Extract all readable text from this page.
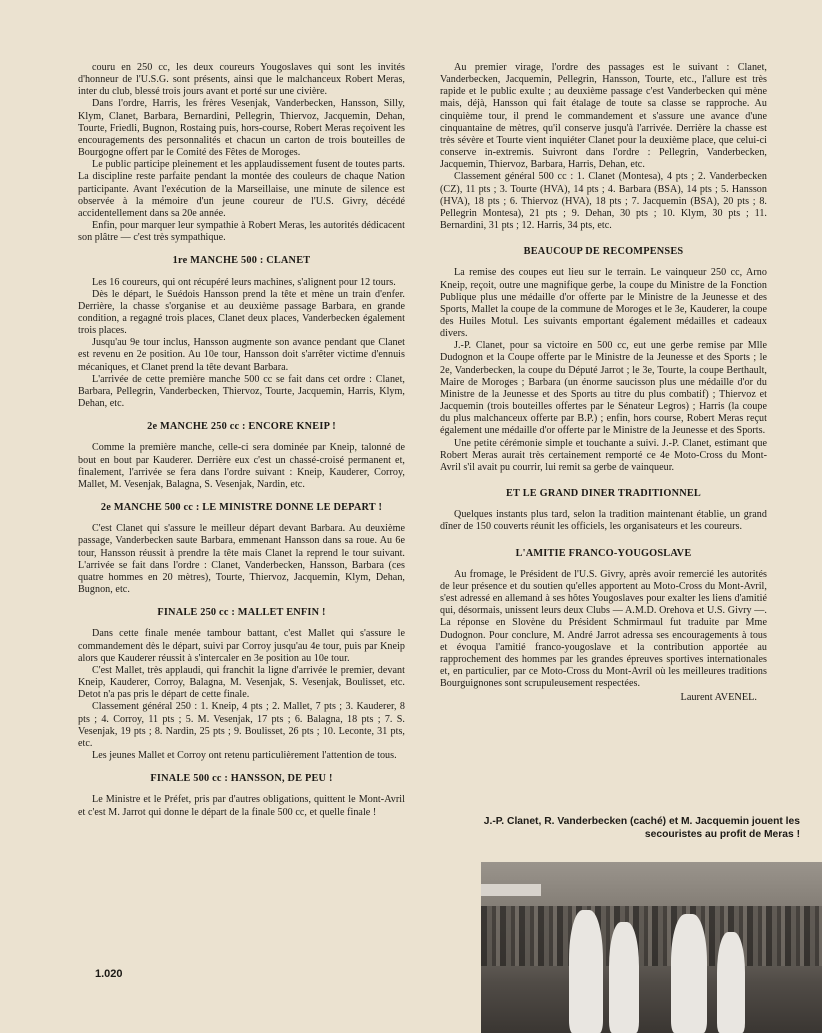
couru en 250 cc, les deux coureurs Yougoslaves qui sont les invités d'honneur de l'U.S.G. sont présents, ainsi que le malchanceux Robert Meras, inter du club, blessé trois jours avant et porté sur une civière.

Dans l'ordre, Harris, les frères Vesenjak, Vanderbecken, Hansson, Silly, Klym, Clanet, Barbara, Bernardini, Pellegrin, Thiervoz, Jacquemin, Dehan, Tourte, Friedli, Bugnon, Rostaing puis, hors-course, Robert Meras reçoivent les encouragements des personnalités et chacun un carton de trois bouteilles de Bourgogne offert par le Comité des Fêtes de Moroges.

Le public participe pleinement et les applaudissement fusent de toutes parts. La discipline reste parfaite pendant la montée des couleurs de chaque Nation participante. Avant l'exécution de la Marseillaise, une minute de silence est observée à la mémoire d'un jeune coureur de l'U.S. Givry, décédé accidentellement dans sa 20e année.

Enfin, pour marquer leur sympathie à Robert Meras, les autorités dédicacent son plâtre — c'est très sympathique.

1re MANCHE 500 : CLANET

Les 16 coureurs, qui ont récupéré leurs machines, s'alignent pour 12 tours.

Dès le départ, le Suédois Hansson prend la tête et mène un train d'enfer. Derrière, la chasse s'organise et au deuxième passage Barbara, en grande condition, a regagné trois places, Clanet deux places, Vanderbecken également trois places.

Jusqu'au 9e tour inclus, Hansson augmente son avance pendant que Clanet est revenu en 2e position. Au 10e tour, Hansson doit s'arrêter victime d'ennuis mécaniques, et Clanet prend la tête devant Barbara.

L'arrivée de cette première manche 500 cc se fait dans cet ordre : Clanet, Barbara, Pellegrin, Vanderbecken, Thiervoz, Tourte, Jacquemin, Harris, Klym, Dehan, etc.

2e MANCHE 250 cc : ENCORE KNEIP !

Comme la première manche, celle-ci sera dominée par Kneip, talonné de bout en bout par Kauderer. Derrière eux c'est un chassé-croisé permanent et, finalement, l'arrivée se fera dans l'ordre suivant : Kneip, Kauderer, Corroy, Mallet, M. Vesenjak, Balagna, S. Vesenjak, Nardin, etc.

2e MANCHE 500 cc : LE MINISTRE DONNE LE DEPART !

C'est Clanet qui s'assure le meilleur départ devant Barbara. Au deuxième passage, Vanderbecken saute Barbara, emmenant Hansson dans sa roue. Au 6e tour, Hansson réussit à prendre la tête mais Clanet la reprend le tour suivant. L'arrivée se fait dans l'ordre : Clanet, Vanderbecken, Hansson, Barbara (ces quatre hommes en 20 mètres), Tourte, Thiervoz, Jacquemin, Klym, Dehan, Bugnon, etc.

FINALE 250 cc : MALLET ENFIN !

Dans cette finale menée tambour battant, c'est Mallet qui s'assure le commandement dès le départ, suivi par Corroy jusqu'au 4e tour, puis par Kneip alors que Kauderer réussit à s'intercaler en 3e position au 10e tour.

C'est Mallet, très applaudi, qui franchit la ligne d'arrivée le premier, devant Kneip, Kauderer, Corroy, Balagna, M. Vesenjak, S. Vesenjak, Boulisset, etc. Detot n'a pas pris le départ de cette finale.

Classement général 250 : 1. Kneip, 4 pts ; 2. Mallet, 7 pts ; 3. Kauderer, 8 pts ; 4. Corroy, 11 pts ; 5. M. Vesenjak, 17 pts ; 6. Balagna, 18 pts ; 7. S. Vesenjak, 19 pts ; 8. Nardin, 25 pts ; 9. Boulisset, 26 pts ; 10. Leconte, 31 pts, etc.

Les jeunes Mallet et Corroy ont retenu particulièrement l'attention de tous.

FINALE 500 cc : HANSSON, DE PEU !

Le Ministre et le Préfet, pris par d'autres obligations, quittent le Mont-Avril et c'est M. Jarrot qui donne le départ de la finale 500 cc, et quelle finale !

Au premier virage, l'ordre des passages est le suivant : Clanet, Vanderbecken, Jacquemin, Pellegrin, Hansson, Tourte, etc., l'allure est très rapide et le public exulte ; au deuxième passage c'est Vanderbecken qui mène mais, déjà, Hansson qui fait étalage de toute sa classe se rapproche. Au cinquième tour, il prend le commandement et s'assure une avance d'une cinquantaine de mètres, qu'il conserve jusqu'à l'arrivée. Derrière la chasse est très sévère et Tourte vient inquiéter Clanet pour la deuxième place, que celui-ci conserve in-extremis. Suivront dans l'ordre : Pellegrin, Vanderbecken, Jacquemin, Thiervoz, Barbara, Harris, Dehan, etc.

Classement général 500 cc : 1. Clanet (Montesa), 4 pts ; 2. Vanderbecken (CZ), 11 pts ; 3. Tourte (HVA), 14 pts ; 4. Barbara (BSA), 14 pts ; 5. Hansson (HVA), 18 pts ; 6. Thiervoz (HVA), 18 pts ; 7. Jacquemin (BSA), 20 pts ; 8. Pellegrin Montesa), 21 pts ; 9. Dehan, 30 pts ; 10. Klym, 30 pts ; 11. Bernardini, 31 pts ; 12. Harris, 34 pts, etc.

BEAUCOUP DE RECOMPENSES

La remise des coupes eut lieu sur le terrain. Le vainqueur 250 cc, Arno Kneip, reçoit, outre une magnifique gerbe, la coupe du Ministre de la Fonction Publique plus une médaille d'or offerte par le Ministre de la Jeunesse et des Sports, Mallet la coupe de la commune de Moroges et le 3e, Kauderer, la coupe des Huiles Motul. Les suivants emportant également médailles et cadeaux divers.

J.-P. Clanet, pour sa victoire en 500 cc, eut une gerbe remise par Mlle Dudognon et la Coupe offerte par le Ministre de la Jeunesse et des Sports ; le 2e, Vanderbecken, la coupe du Député Jarrot ; le 3e, Tourte, la coupe Berthault, Maire de Moroges ; Barbara (un énorme saucisson plus une médaille d'or du Ministre de la Jeunesse et des Sports au titre du plus combatif) ; Thiervoz et Jacquemin (trois bouteilles offertes par le Sénateur Legros) ; Harris (la coupe du plus malchanceux offerte par B.P.) ; enfin, hors course, Robert Meras reçut également une médaille d'or offerte par le Ministre de la Jeunesse et des Sports.

Une petite cérémonie simple et touchante a suivi. J.-P. Clanet, estimant que Robert Meras aurait très certainement remporté ce 4e Moto-Cross du Mont-Avril s'il avait pu courrir, lui remit sa gerbe de vainqueur.

ET LE GRAND DINER TRADITIONNEL

Quelques instants plus tard, selon la tradition maintenant établie, un grand dîner de 150 couverts réunit les officiels, les organisateurs et les coureurs.

L'AMITIE FRANCO-YOUGOSLAVE

Au fromage, le Président de l'U.S. Givry, après avoir remercié les autorités de leur présence et du soutien qu'elles apportent au Moto-Cross du Mont-Avril, s'est adressé en allemand à ses hôtes Yougoslaves pour exalter les liens d'amitié qui, désormais, unissent leurs deux Clubs — A.M.D. Orehova et U.S. Givry —. La réponse en Slovène du Président Schmirmaul fut traduite par Mme Dudognon. Pour conclure, M. André Jarrot adressa ses encouragements à tous et évoqua l'amitié franco-yougoslave et la contribution apportée au rapprochement des hommes par les grandes épreuves sportives internationales et, en particulier, par ce Moto-Cross du Mont-Avril où les meilleures traditions Bourguignones sont scrupuleusement respectées.

Laurent AVENEL.

J.-P. Clanet, R. Vanderbecken (caché) et M. Jacquemin jouent les secouristes au profit de Meras !

1.020
